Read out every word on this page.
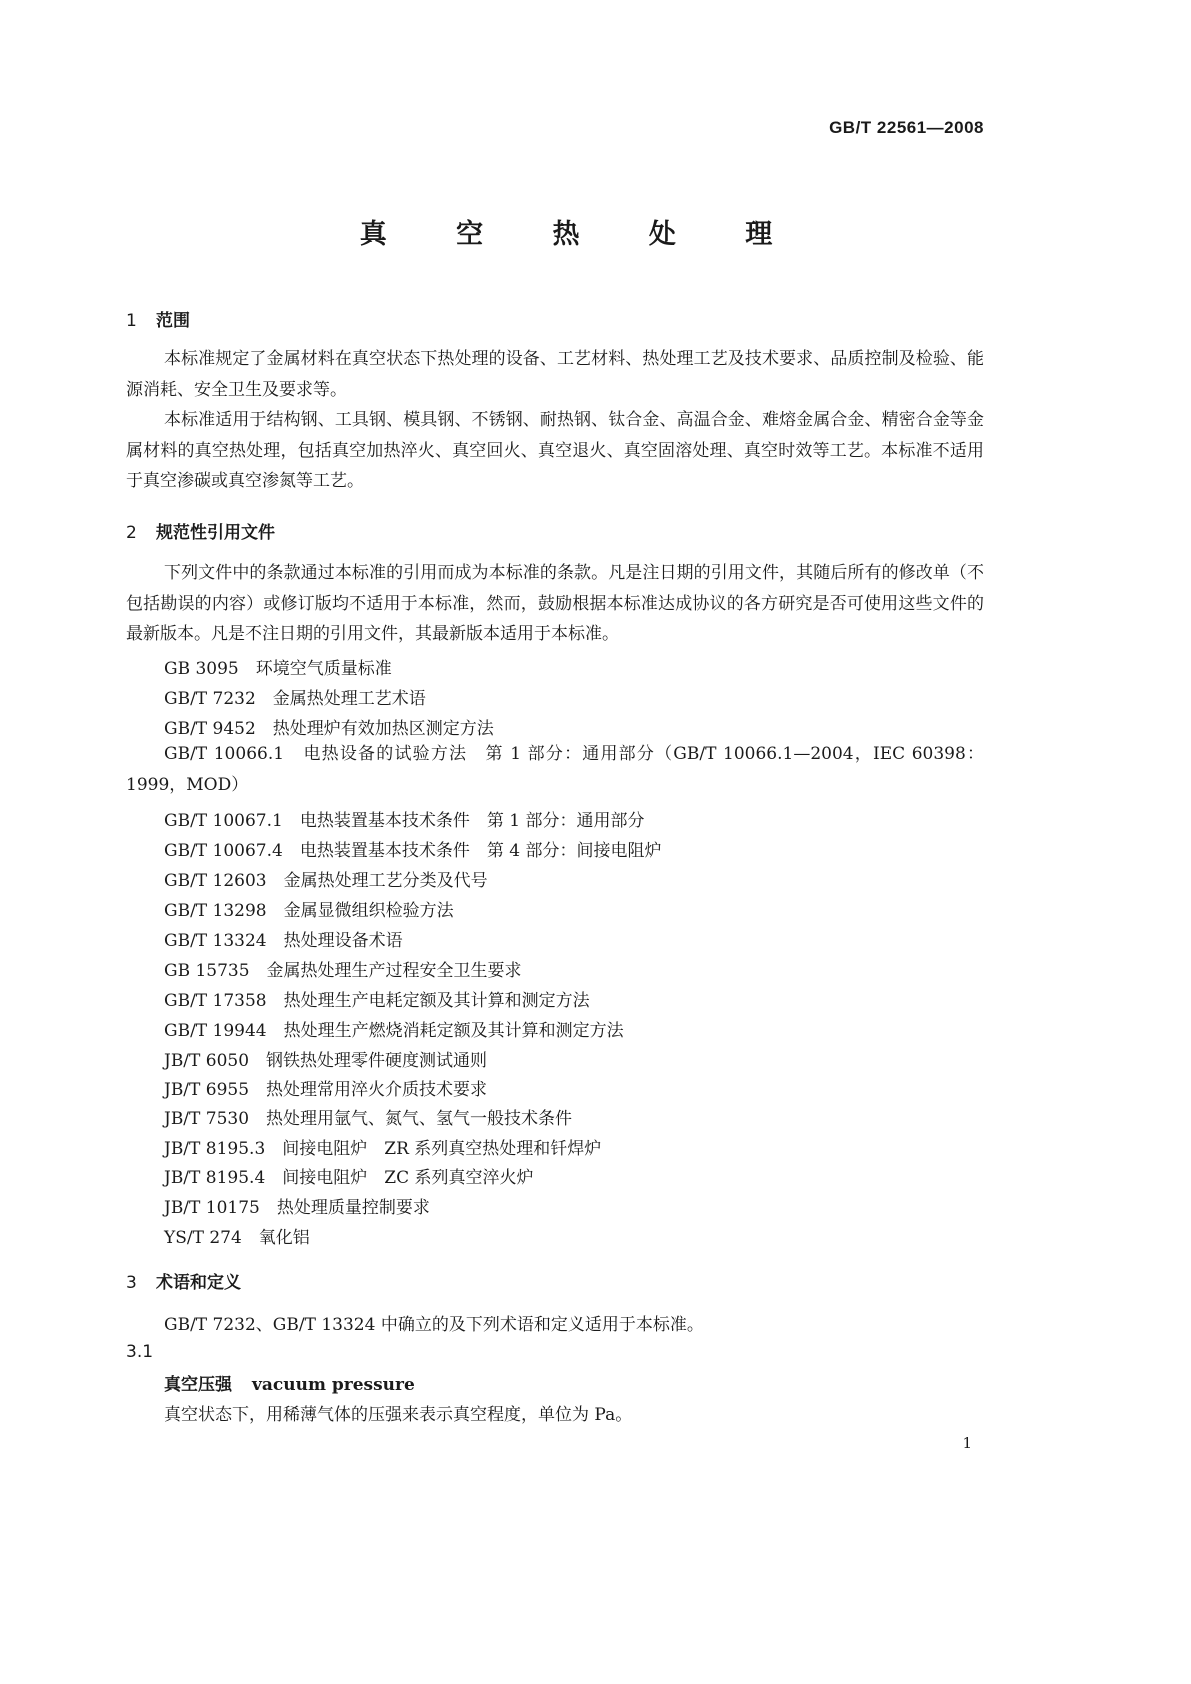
GB/T 22561—2008
真 空 热 处 理
1 范围
本标准规定了金属材料在真空状态下热处理的设备、工艺材料、热处理工艺及技术要求、品质控制及检验、能源消耗、安全卫生及要求等。
本标准适用于结构钢、工具钢、模具钢、不锈钢、耐热钢、钛合金、高温合金、难熔金属合金、精密合金等金属材料的真空热处理，包括真空加热淬火、真空回火、真空退火、真空固溶处理、真空时效等工艺。本标准不适用于真空渗碳或真空渗氮等工艺。
2 规范性引用文件
下列文件中的条款通过本标准的引用而成为本标准的条款。凡是注日期的引用文件，其随后所有的修改单（不包括勘误的内容）或修订版均不适用于本标准，然而，鼓励根据本标准达成协议的各方研究是否可使用这些文件的最新版本。凡是不注日期的引用文件，其最新版本适用于本标准。
GB 3095　环境空气质量标准
GB/T 7232　金属热处理工艺术语
GB/T 9452　热处理炉有效加热区测定方法
GB/T 10066.1　电热设备的试验方法　第 1 部分：通用部分（GB/T 10066.1—2004，IEC 60398：1999，MOD）
GB/T 10067.1　电热装置基本技术条件　第 1 部分：通用部分
GB/T 10067.4　电热装置基本技术条件　第 4 部分：间接电阻炉
GB/T 12603　金属热处理工艺分类及代号
GB/T 13298　金属显微组织检验方法
GB/T 13324　热处理设备术语
GB 15735　金属热处理生产过程安全卫生要求
GB/T 17358　热处理生产电耗定额及其计算和测定方法
GB/T 19944　热处理生产燃烧消耗定额及其计算和测定方法
JB/T 6050　钢铁热处理零件硬度测试通则
JB/T 6955　热处理常用淬火介质技术要求
JB/T 7530　热处理用氩气、氮气、氢气一般技术条件
JB/T 8195.3　间接电阻炉　ZR 系列真空热处理和钎焊炉
JB/T 8195.4　间接电阻炉　ZC 系列真空淬火炉
JB/T 10175　热处理质量控制要求
YS/T 274　氧化铝
3 术语和定义
GB/T 7232、GB/T 13324 中确立的及下列术语和定义适用于本标准。
3.1
真空压强 vacuum pressure
真空状态下，用稀薄气体的压强来表示真空程度，单位为 Pa。
1
